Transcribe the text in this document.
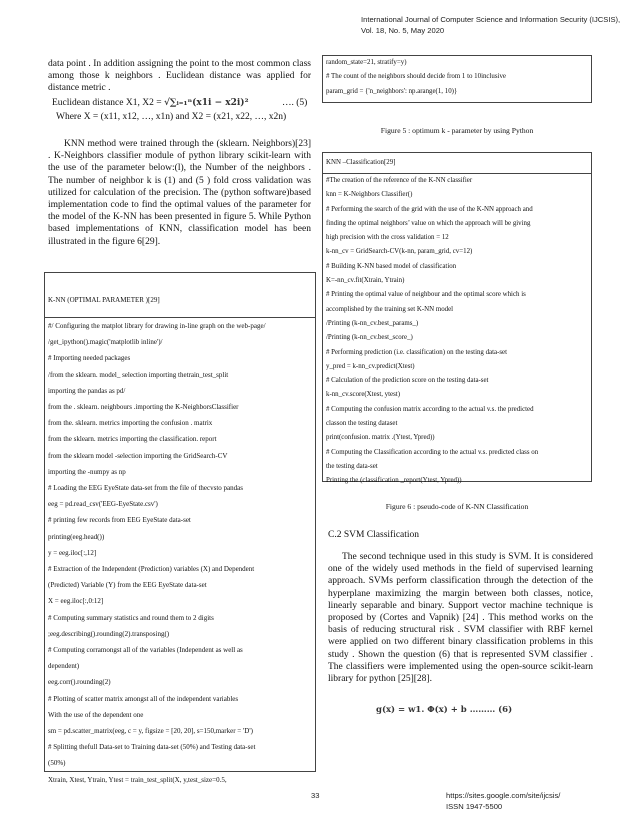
International Journal of Computer Science and Information Security (IJCSIS),
Vol. 18, No. 5, May 2020

data point . In addition assigning the point to the most common class among those k neighbors . Euclidean distance was applied for distance metric .

Euclidean distance X1, X2 = √∑ᵢ₌₁ⁿ(x1i − x2i)²	…. (5)
Where X = (x11, x12, …, x1n) and X2 = (x21, x22, …, x2n)

KNN method were trained through the (sklearn. Neighbors)[23] . K-Neighbors classifier module of python library scikit-learn with the use of the parameter below:(l), the Number of the neighbors . The number of neighbor k is (1) and (5 ) fold cross validation was utilized for calculation of the precision. The (python software)based implementation code to find the optimal values of the parameter for the model of the K-NN has been presented in figure 5. While Python based implementations of KNN, classification model has been illustrated in the figure 6[29].

K-NN (OPTIMAL PARAMETER )[29]
#/ Configuring the matplot library for drawing in-line graph on the web-page/
/get_ipython().magic('matplotlib inline')/
# Importing needed packages
/from the sklearn. model_ selection importing thetrain_test_split
importing the pandas as pd/
from the . sklearn. neighbours .importing the K-NeighborsClassifier
from the. sklearn. metrics importing the confusion . matrix
from the sklearn. metrics importing the classification. report
from the sklearn model -selection importing the GridSearch-CV
importing the -numpy as np
# Loading the EEG EyeState data-set from the file of thecvsto pandas
eeg = pd.read_csv('EEG-EyeState.csv')
# printing few records from EEG EyeState data-set
printing(eeg.head())
y = eeg.iloc[:,12]
# Extraction of the Independent (Prediction) variables (X) and Dependent
(Predicted) Variable (Y) from the EEG EyeState data-set
X = eeg.iloc[:,0:12]
# Computing summary statistics and round them to 2 digits
;eeg.describing().rounding(2).transposing()
# Computing corramongst all of the variables (Independent as well as
dependent)
eeg.corr().rounding(2)
# Plotting of scatter matrix amongst all of the independent variables
With the use of the dependent one
sm = pd.scatter_matrix(eeg, c = y, figsize = [20, 20], s=150,marker = 'D')
# Splitting thefull Data-set to Training data-set (50%) and Testing data-set
(50%)
Xtrain, Xtest, Ytrain, Ytest = train_test_split(X, y,test_size=0.5,
random_state=21, stratify=y)
# The count of the neighbors should decide from 1 to 10inclusive
param_grid = {'n_neighbors': np.arange(1, 10)}
Figure 5 : optimum k - parameter by using Python
KNN –Classification[29]
#The creation of the reference of the K-NN classifier
knn = K-Neighbors Classifier()
# Performing the search of the grid with the use of the K-NN approach and
finding the optimal neighbors’ value on which the approach will be giving
high precision with the cross validation = 12
k-nn_cv = GridSearch-CV(k-nn, param_grid, cv=12)
# Building K-NN based model of classification
K=-nn_cv.fit(Xtrain, Ytrain)
# Printing the optimal value of neighbour and the optimal score which is
accomplished by the training set K-NN model
/Printing (k-nn_cv.best_params_)
/Printing (k-nn_cv.best_score_)
# Performing prediction (i.e. classification) on the testing data-set
y_pred = k-nn_cv.predict(Xtest)
# Calculation of the prediction score on the testing data-set
k-nn_cv.score(Xtest, ytest)
# Computing the confusion matrix according to the actual v.s. the predicted
classon the testing dataset
print(confusion. matrix .(Ytest, Ypred))
# Computing the Classification according to the actual v.s. predicted class on
the testing data-set
Printing the (classification _report(Ytest, Ypred))
Figure 6 : pseudo-code of K-NN Classification
C.2 SVM Classification

The second technique used in this study is SVM. It is considered one of the widely used methods in the field of supervised learning approach. SVMs perform classification through the detection of the hyperplane maximizing the margin between both classes, notice, linearly separable and binary. Support vector machine technique is proposed by (Cortes and Vapnik) [24] . This method works on the basis of reducing structural risk . SVM classifier with RBF kernel were applied on two different binary classification problems in this study . Shown the question (6) that is represented SVM classifier . The classifiers were implemented using the open-source scikit-learn library for python [25][28].

g(x) = w1. Φ(x) + b ……… (6)
33	https://sites.google.com/site/ijcsis/
ISSN 1947-5500
